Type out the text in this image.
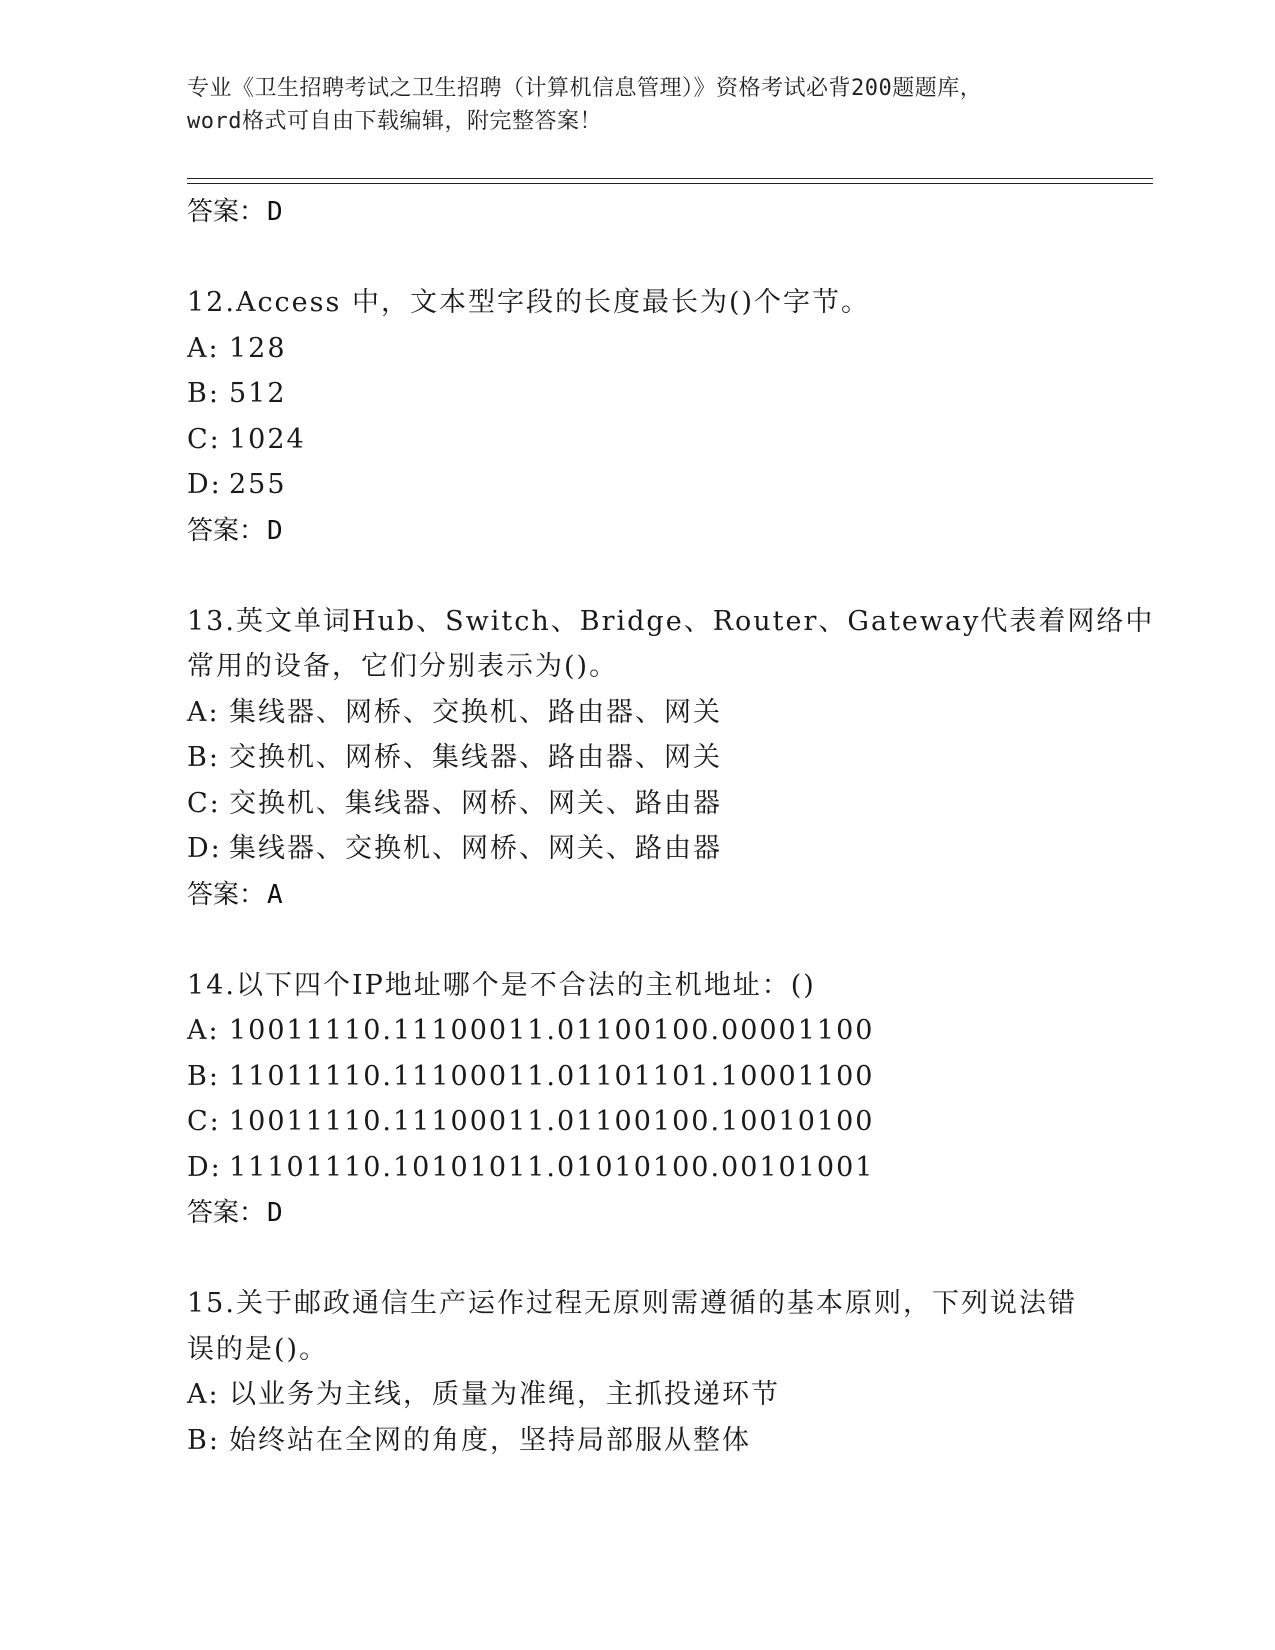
专业《卫生招聘考试之卫生招聘（计算机信息管理）》资格考试必背200题题库，
word格式可自由下载编辑，附完整答案！
答案：D
12.Access 中，文本型字段的长度最长为()个字节。
A: 128
B: 512
C: 1024
D: 255
答案：D
13.英文单词Hub、Switch、Bridge、Router、Gateway代表着网络中
常用的设备，它们分别表示为()。
A: 集线器、网桥、交换机、路由器、网关
B: 交换机、网桥、集线器、路由器、网关
C: 交换机、集线器、网桥、网关、路由器
D: 集线器、交换机、网桥、网关、路由器
答案：A
14.以下四个IP地址哪个是不合法的主机地址：()
A: 10011110.11100011.01100100.00001100
B: 11011110.11100011.01101101.10001100
C: 10011110.11100011.01100100.10010100
D: 11101110.10101011.01010100.00101001
答案：D
15.关于邮政通信生产运作过程无原则需遵循的基本原则，下列说法错
误的是()。
A: 以业务为主线，质量为准绳，主抓投递环节
B: 始终站在全网的角度，坚持局部服从整体
